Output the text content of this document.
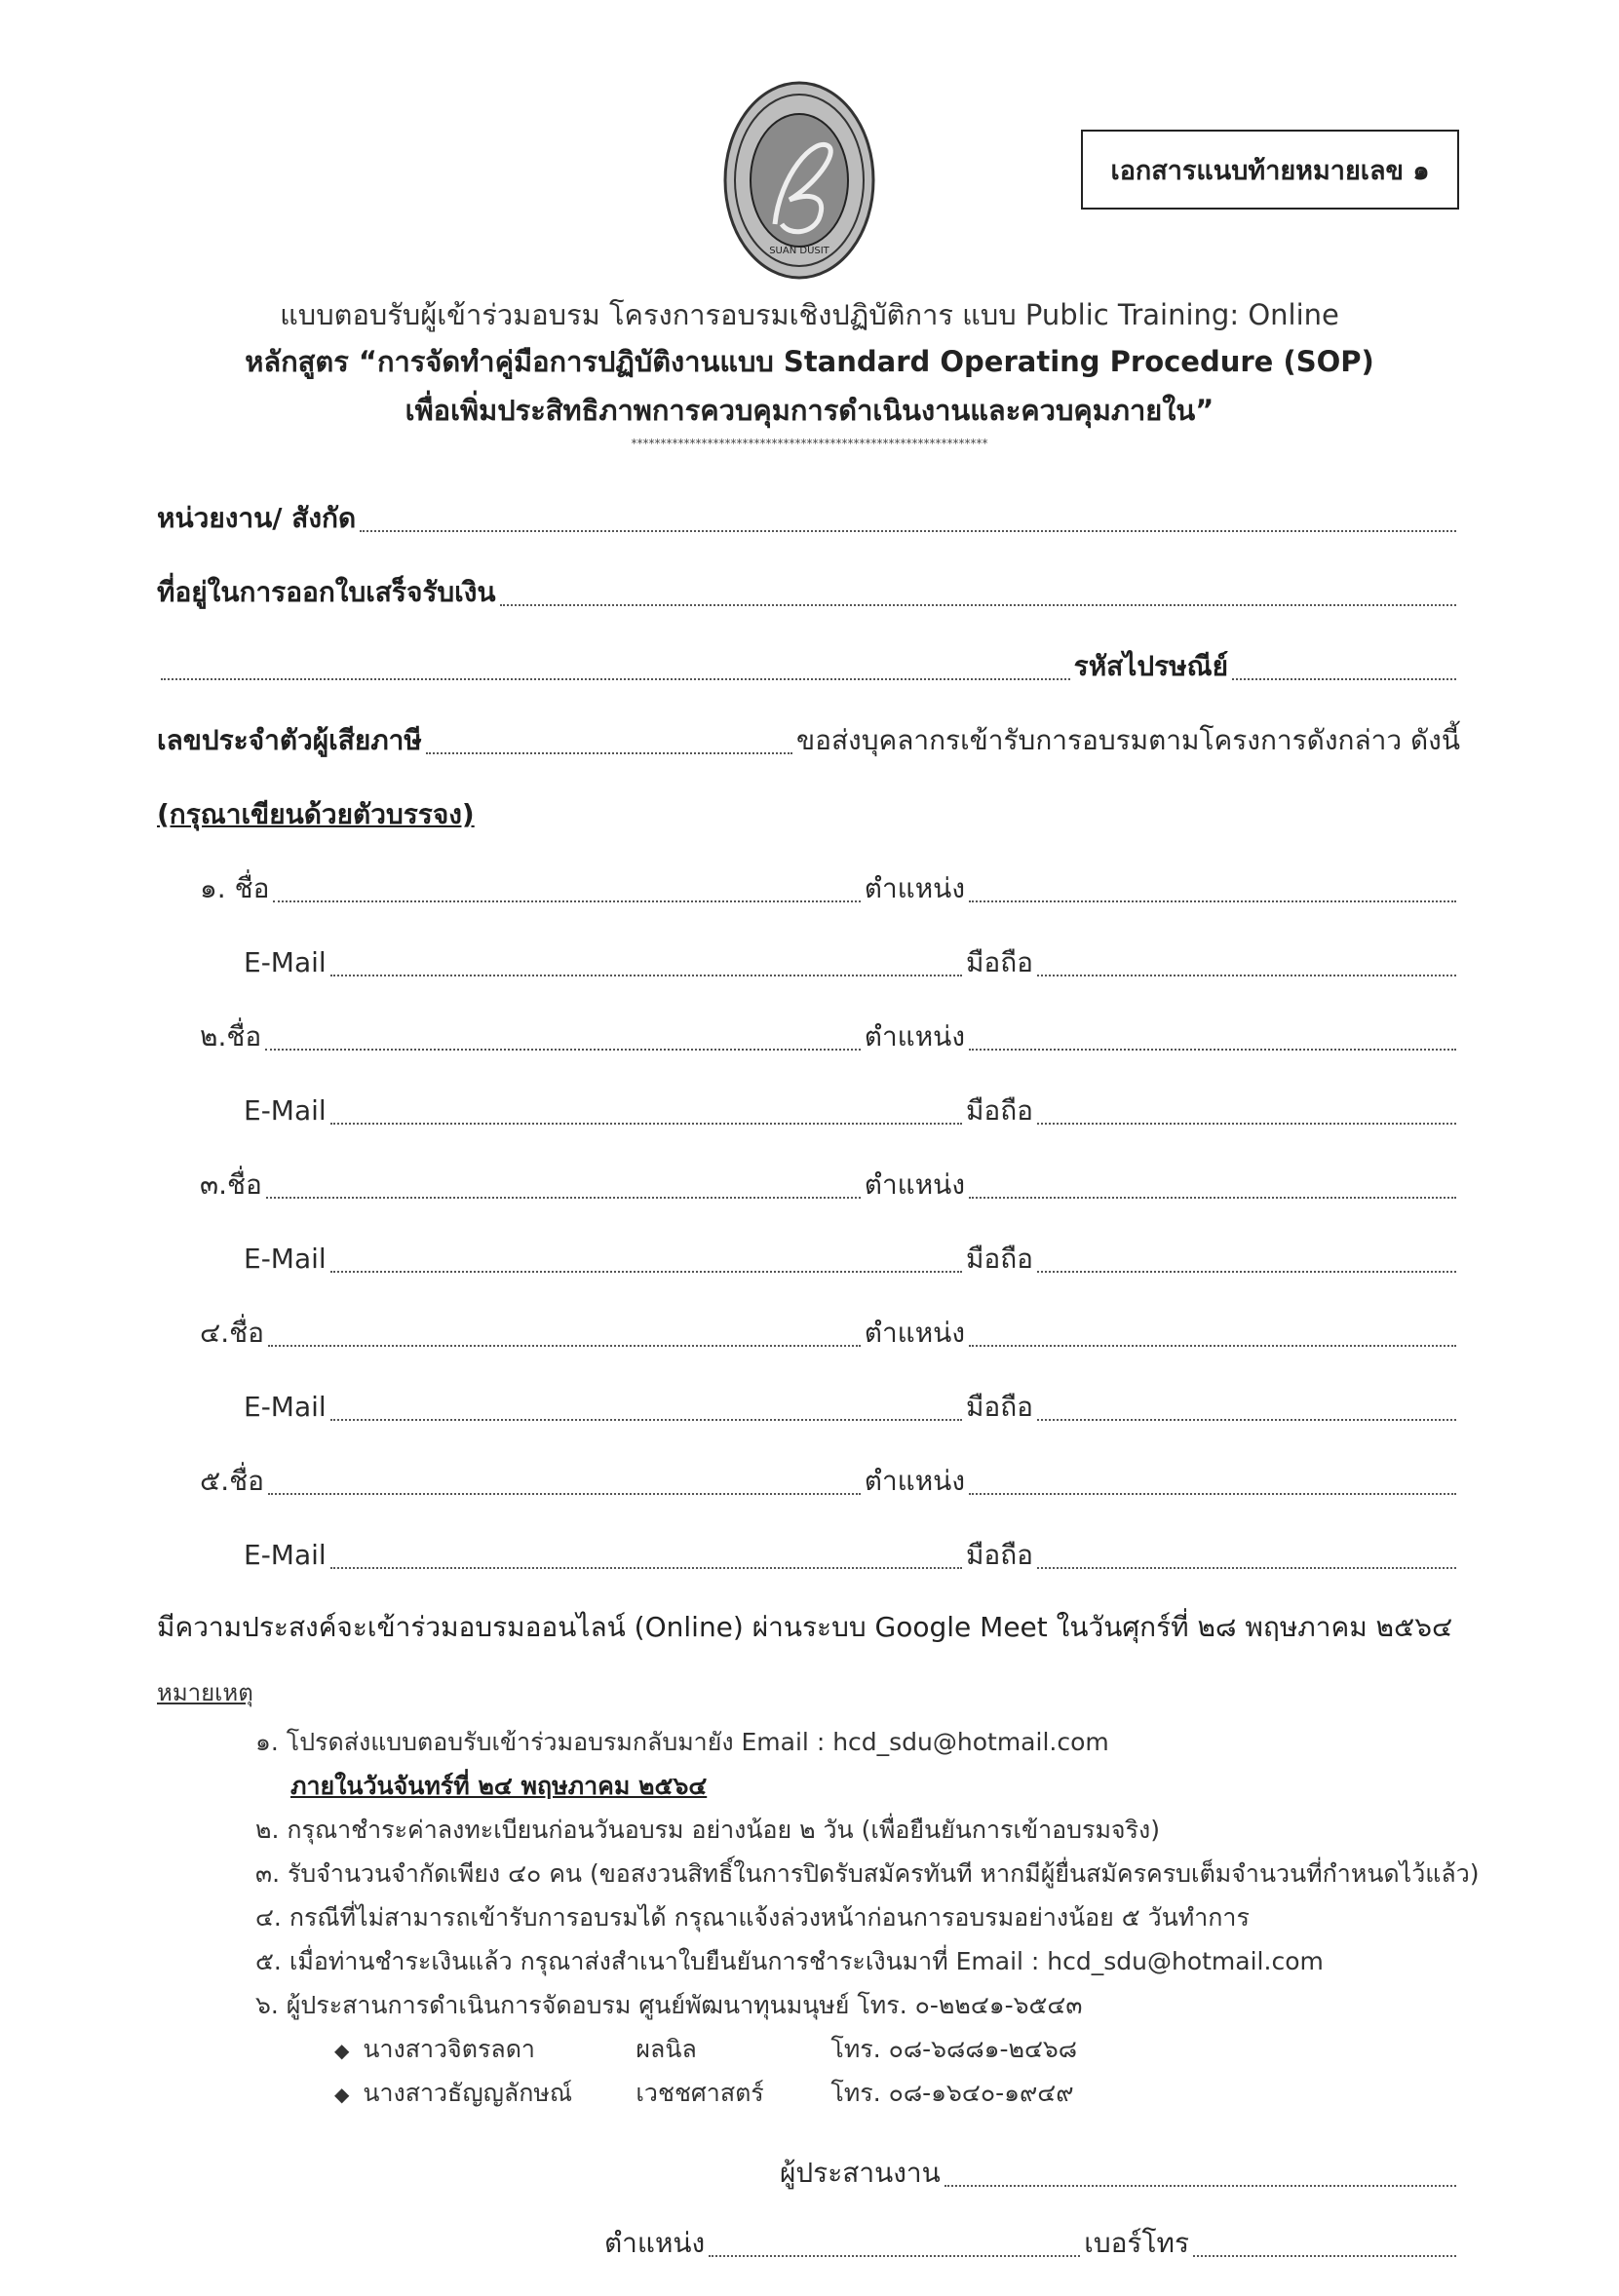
SUAN DUSIT
เอกสารแนบท้ายหมายเลข ๑
แบบตอบรับผู้เข้าร่วมอบรม โครงการอบรมเชิงปฏิบัติการ แบบ Public Training: Online
หลักสูตร “การจัดทำคู่มือการปฏิบัติงานแบบ Standard Operating Procedure (SOP)
เพื่อเพิ่มประสิทธิภาพการควบคุมการดำเนินงานและควบคุมภายใน”
*************************************************************
หน่วยงาน/ สังกัด
ที่อยู่ในการออกใบเสร็จรับเงิน
รหัสไปรษณีย์
เลขประจำตัวผู้เสียภาษี	ขอส่งบุคลากรเข้ารับการอบรมตามโครงการดังกล่าว ดังนี้
(กรุณาเขียนด้วยตัวบรรจง)
๑. ชื่อ	ตำแหน่ง
E-Mail	มือถือ
๒.ชื่อ	ตำแหน่ง
E-Mail	มือถือ
๓.ชื่อ	ตำแหน่ง
E-Mail	มือถือ
๔.ชื่อ	ตำแหน่ง
E-Mail	มือถือ
๕.ชื่อ	ตำแหน่ง
E-Mail	มือถือ
มีความประสงค์จะเข้าร่วมอบรมออนไลน์ (Online) ผ่านระบบ Google Meet ในวันศุกร์ที่ ๒๘ พฤษภาคม ๒๕๖๔
หมายเหตุ
๑. โปรดส่งแบบตอบรับเข้าร่วมอบรมกลับมายัง Email : hcd_sdu@hotmail.com
ภายในวันจันทร์ที่ ๒๔ พฤษภาคม ๒๕๖๔
๒. กรุณาชำระค่าลงทะเบียนก่อนวันอบรม อย่างน้อย ๒ วัน (เพื่อยืนยันการเข้าอบรมจริง)
๓. รับจำนวนจำกัดเพียง ๔๐ คน (ขอสงวนสิทธิ์ในการปิดรับสมัครทันที หากมีผู้ยื่นสมัครครบเต็มจำนวนที่กำหนดไว้แล้ว)
๔. กรณีที่ไม่สามารถเข้ารับการอบรมได้ กรุณาแจ้งล่วงหน้าก่อนการอบรมอย่างน้อย ๕ วันทำการ
๕. เมื่อท่านชำระเงินแล้ว กรุณาส่งสำเนาใบยืนยันการชำระเงินมาที่ Email : hcd_sdu@hotmail.com
๖. ผู้ประสานการดำเนินการจัดอบรม ศูนย์พัฒนาทุนมนุษย์ โทร. ๐-๒๒๔๑-๖๕๔๓
◆ นางสาวจิตรลดา	ผลนิล	โทร. ๐๘-๖๘๘๑-๒๔๖๘
◆ นางสาวธัญญลักษณ์	เวชชศาสตร์	โทร. ๐๘-๑๖๔๐-๑๙๔๙
ผู้ประสานงาน
ตำแหน่ง	เบอร์โทร
